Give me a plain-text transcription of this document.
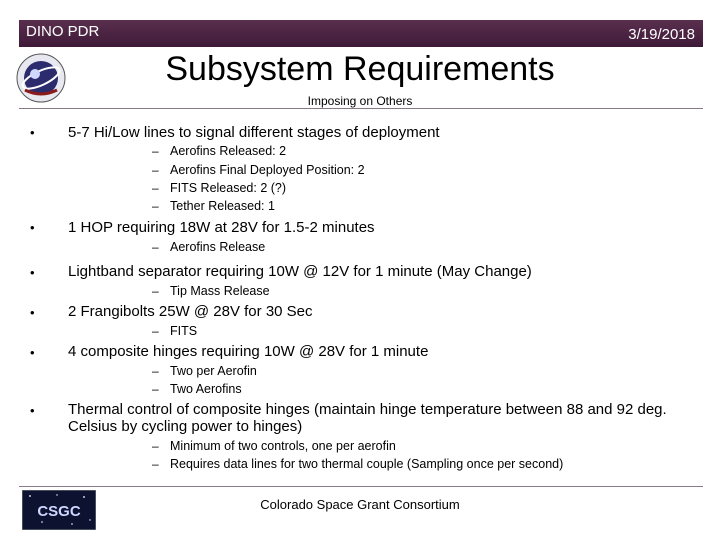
DINO PDR	3/19/2018
Subsystem Requirements
Imposing on Others
• 5-7 Hi/Low lines to signal different stages of deployment
– Aerofins Released: 2
– Aerofins Final Deployed Position: 2
– FITS Released: 2 (?)
– Tether Released: 1
• 1 HOP requiring 18W at 28V for 1.5-2 minutes
– Aerofins Release
• Lightband separator requiring 10W @ 12V for 1 minute (May Change)
– Tip Mass Release
• 2 Frangibolts 25W @ 28V for 30 Sec
– FITS
• 4 composite hinges requiring 10W @ 28V for 1 minute
– Two per Aerofin
– Two Aerofins
• Thermal control of composite hinges (maintain hinge temperature between 88 and 92 deg. Celsius by cycling power to hinges)
– Minimum of two controls, one per aerofin
– Requires data lines for two thermal couple (Sampling once per second)
CSGC	Colorado Space Grant Consortium
